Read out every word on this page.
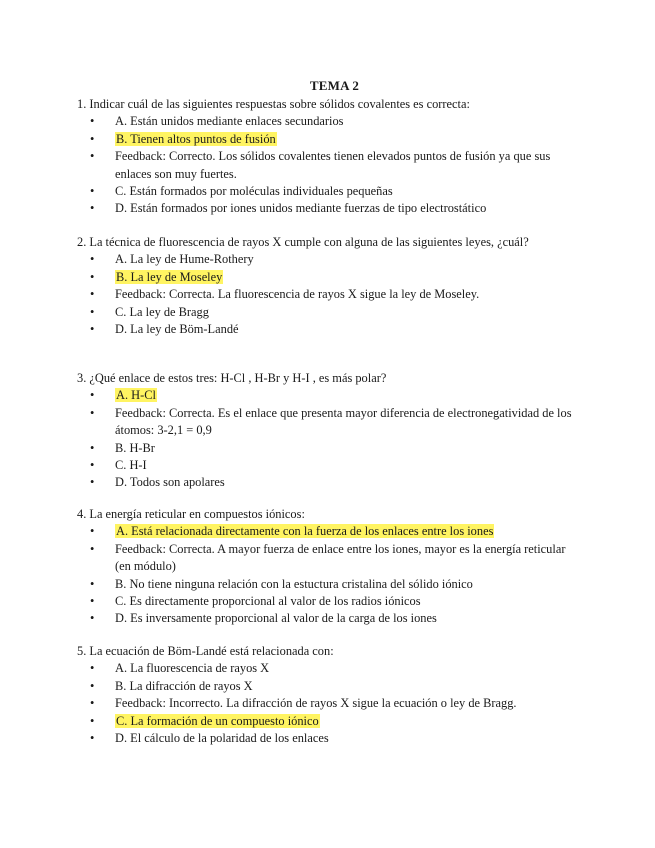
TEMA 2

1. Indicar cuál de las siguientes respuestas sobre sólidos covalentes es correcta:

• A. Están unidos mediante enlaces secundarios
• B. Tienen altos puntos de fusión
• Feedback: Correcto. Los sólidos covalentes tienen elevados puntos de fusión ya que sus enlaces son muy fuertes.
• C. Están formados por moléculas individuales pequeñas
• D. Están formados por iones unidos mediante fuerzas de tipo electrostático

2. La técnica de fluorescencia de rayos X cumple con alguna de las siguientes leyes, ¿cuál?

• A. La ley de Hume-Rothery
• B. La ley de Moseley
• Feedback: Correcta. La fluorescencia de rayos X sigue la ley de Moseley.
• C. La ley de Bragg
• D. La ley de Böm-Landé

3. ¿Qué enlace de estos tres: H-Cl , H-Br y H-I , es más polar?

• A. H-Cl
• Feedback: Correcta. Es el enlace que presenta mayor diferencia de electronegatividad de los átomos: 3-2,1 = 0,9
• B. H-Br
• C. H-I
• D. Todos son apolares

4. La energía reticular en compuestos iónicos:

• A. Está relacionada directamente con la fuerza de los enlaces entre los iones
• Feedback: Correcta. A mayor fuerza de enlace entre los iones, mayor es la energía reticular (en módulo)
• B. No tiene ninguna relación con la estuctura cristalina del sólido iónico
• C. Es directamente proporcional al valor de los radios iónicos
• D. Es inversamente proporcional al valor de la carga de los iones

5. La ecuación de Böm-Landé está relacionada con:

• A. La fluorescencia de rayos X
• B. La difracción de rayos X
• Feedback: Incorrecto. La difracción de rayos X sigue la ecuación o ley de Bragg.
• C. La formación de un compuesto iónico
• D. El cálculo de la polaridad de los enlaces
